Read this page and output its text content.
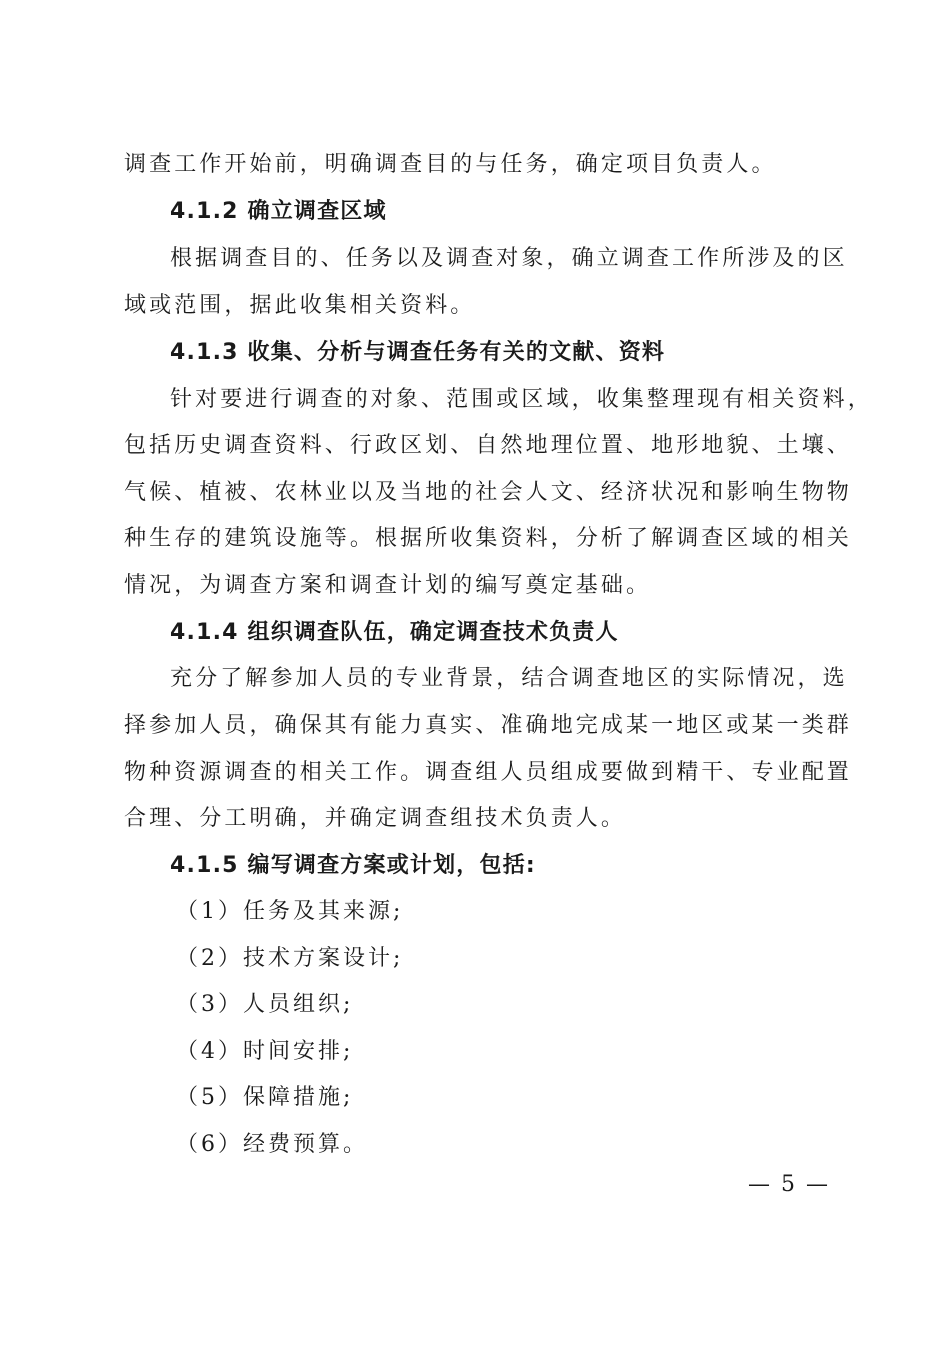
调查工作开始前，明确调查目的与任务，确定项目负责人。
4.1.2 确立调查区域
根据调查目的、任务以及调查对象，确立调查工作所涉及的区
域或范围，据此收集相关资料。
4.1.3 收集、分析与调查任务有关的文献、资料
针对要进行调查的对象、范围或区域，收集整理现有相关资料，
包括历史调查资料、行政区划、自然地理位置、地形地貌、土壤、
气候、植被、农林业以及当地的社会人文、经济状况和影响生物物
种生存的建筑设施等。根据所收集资料，分析了解调查区域的相关
情况，为调查方案和调查计划的编写奠定基础。
4.1.4 组织调查队伍，确定调查技术负责人
充分了解参加人员的专业背景，结合调查地区的实际情况，选
择参加人员，确保其有能力真实、准确地完成某一地区或某一类群
物种资源调查的相关工作。调查组人员组成要做到精干、专业配置
合理、分工明确，并确定调查组技术负责人。
4.1.5 编写调查方案或计划，包括:
（1）任务及其来源;
（2）技术方案设计;
（3）人员组织;
（4）时间安排;
（5）保障措施;
（6）经费预算。
— 5 —
